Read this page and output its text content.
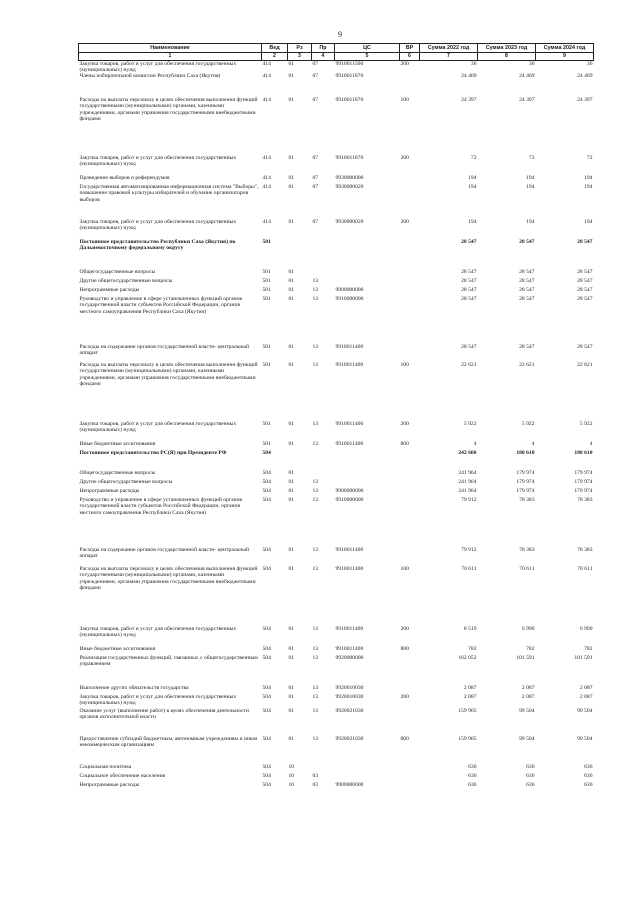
9
Наименование	Вед	Рз	Пр	ЦС	ВР	Сумма 2022 год	Сумма 2023 год	Сумма 2024 год
1	2	3	4	5	6	7	8	9
Закупка товаров, работ и услуг для обеспечения государственных (муниципальных) нужд	414	01	07	9910011500	200	36	36	36
Члены избирательной комиссии Республики Саха (Якутия)	414	01	07	9910011870		24 469	24 469	24 469
Расходы на выплаты персоналу в целях обеспечения выполнения функций государственными (муниципальными) органами, казенными учреждениями, органами управления государственными внебюджетными фондами	414	01	07	9910011870	100	24 397	24 397	24 397
Закупка товаров, работ и услуг для обеспечения государственных (муниципальных) нужд	414	01	07	9910011870	200	72	72	72
Проведение выборов и референдумов	414	01	07	9930000000		194	194	194
Государственная автоматизированная информационная система "Выборы", повышение правовой культуры избирателей и обучение организаторов выборов	414	01	07	9930000020		194	194	194
Закупка товаров, работ и услуг для обеспечения государственных (муниципальных) нужд	414	01	07	9930000020	200	194	194	194
Постоянное представительство Республики Саха (Якутия) по Дальневосточному федеральному округу	501					28 547	28 547	28 547
Общегосударственные вопросы	501	01				28 547	28 547	28 547
Другие общегосударственные вопросы	501	01	13			28 547	28 547	28 547
Непрограммные расходы	501	01	13	9900000000		28 547	28 547	28 547
Руководство и управление в сфере установленных функций органов государственной власти субъектов Российской Федерации, органов местного самоуправления Республики Саха (Якутия)	501	01	13	9910000000		28 547	28 547	28 547
Расходы на содержание органов государственной власти- центральный аппарат	501	01	13	9910011400		28 547	28 547	28 547
Расходы на выплаты персоналу в целях обеспечения выполнения функций государственными (муниципальными) органами, казенными учреждениями, органами управления государственными внебюджетными фондами	501	01	13	9910011400	100	22 621	22 621	22 621
Закупка товаров, работ и услуг для обеспечения государственных (муниципальных) нужд	501	01	13	9910011400	200	5 922	5 922	5 922
Иные бюджетные ассигнования	501	01	13	9910011400	800	4	4	4
Постоянное представительство РС(Я) при Президенте РФ	504					242 600	180 610	180 610
Общегосударственные вопросы	504	01				241 964	179 974	179 974
Другие общегосударственные вопросы	504	01	13			241 964	179 974	179 974
Непрограммные расходы	504	01	13	9900000000		241 964	179 974	179 974
Руководство и управление в сфере установленных функций органов государственной власти субъектов Российской Федерации, органов местного самоуправления Республики Саха (Якутия)	504	01	13	9910000000		79 912	78 383	78 383
Расходы на содержание органов государственной власти- центральный аппарат	504	01	13	9910011400		79 912	78 383	78 383
Расходы на выплаты персоналу в целях обеспечения выполнения функций государственными (муниципальными) органами, казенными учреждениями, органами управления государственными внебюджетными фондами	504	01	13	9910011400	100	70 611	70 611	70 611
Закупка товаров, работ и услуг для обеспечения государственных (муниципальных) нужд	504	01	13	9910011400	200	8 519	6 990	6 990
Иные бюджетные ассигнования	504	01	13	9910011400	800	782	782	782
Реализация государственных функций, связанных с общегосударственным управлением	504	01	13	9920000000		162 052	101 591	101 591
Выполнение других обязательств государства	504	01	13	9920010030		2 087	2 087	2 087
Закупка товаров, работ и услуг для обеспечения государственных (муниципальных) нужд	504	01	13	9920010030	200	2 087	2 087	2 087
Оказание услуг (выполнение работ) в целях обеспечения деятельности органов исполнительной власти	504	01	13	9920021030		159 965	99 504	99 504
Предоставление субсидий бюджетным, автономным учреждениям и иным некоммерческим организациям	504	01	13	9920021030	600	159 965	99 504	99 504
Социальная политика	504	10				636	636	636
Социальное обеспечение населения	504	10	03			636	636	636
Непрограммные расходы	504	10	03	9900000000		636	636	636
